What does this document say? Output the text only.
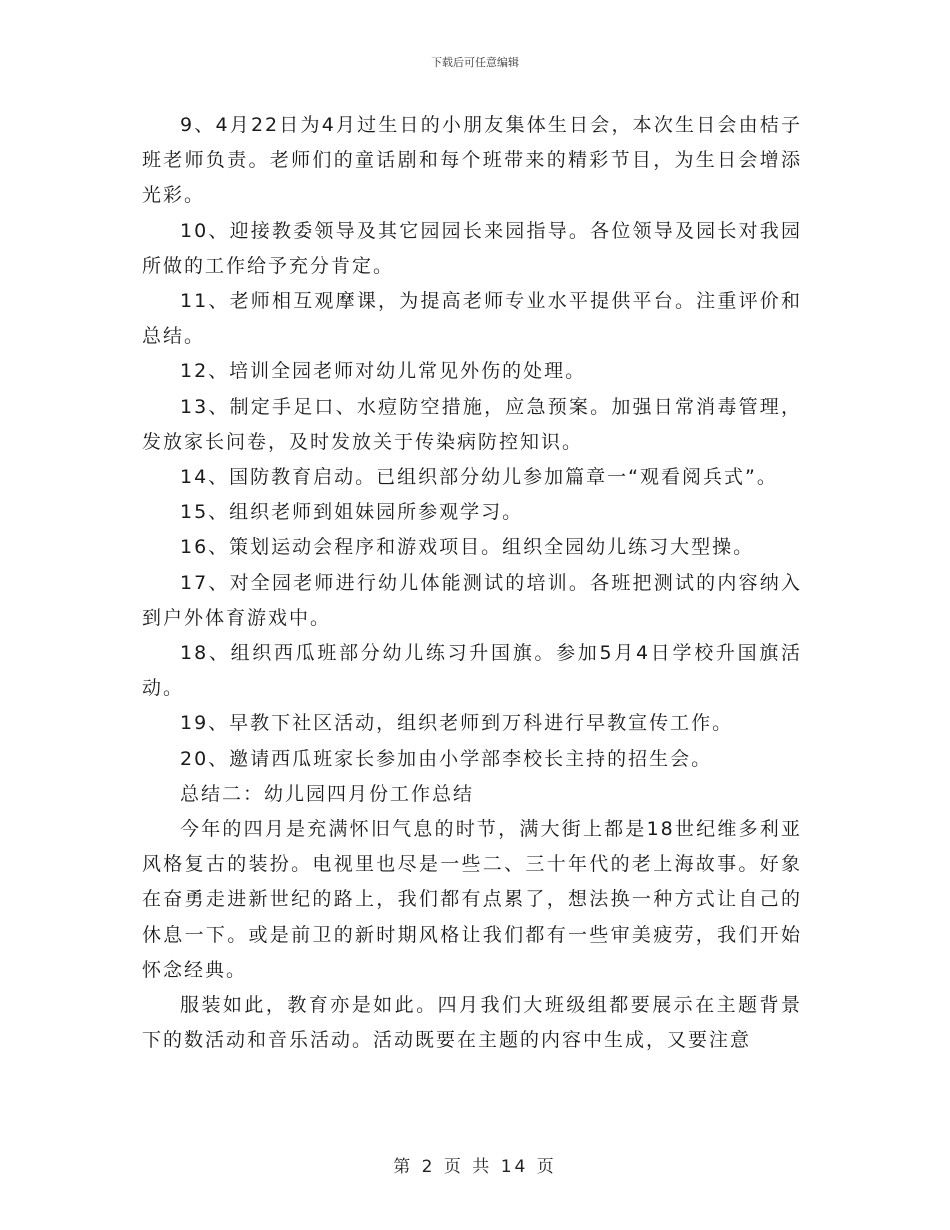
下载后可任意编辑

9、4月22日为4月过生日的小朋友集体生日会，本次生日会由桔子班老师负责。老师们的童话剧和每个班带来的精彩节目，为生日会增添光彩。

10、迎接教委领导及其它园园长来园指导。各位领导及园长对我园所做的工作给予充分肯定。

11、老师相互观摩课，为提高老师专业水平提供平台。注重评价和总结。

12、培训全园老师对幼儿常见外伤的处理。

13、制定手足口、水痘防空措施，应急预案。加强日常消毒管理，发放家长问卷，及时发放关于传染病防控知识。

14、国防教育启动。已组织部分幼儿参加篇章一“观看阅兵式”。

15、组织老师到姐妹园所参观学习。

16、策划运动会程序和游戏项目。组织全园幼儿练习大型操。

17、对全园老师进行幼儿体能测试的培训。各班把测试的内容纳入到户外体育游戏中。

18、组织西瓜班部分幼儿练习升国旗。参加5月4日学校升国旗活动。

19、早教下社区活动，组织老师到万科进行早教宣传工作。

20、邀请西瓜班家长参加由小学部李校长主持的招生会。

总结二：幼儿园四月份工作总结

今年的四月是充满怀旧气息的时节，满大街上都是18世纪维多利亚风格复古的装扮。电视里也尽是一些二、三十年代的老上海故事。好象在奋勇走进新世纪的路上，我们都有点累了，想法换一种方式让自己的休息一下。或是前卫的新时期风格让我们都有一些审美疲劳，我们开始怀念经典。

服装如此，教育亦是如此。四月我们大班级组都要展示在主题背景下的数活动和音乐活动。活动既要在主题的内容中生成，又要注意

第 2 页 共 14 页
